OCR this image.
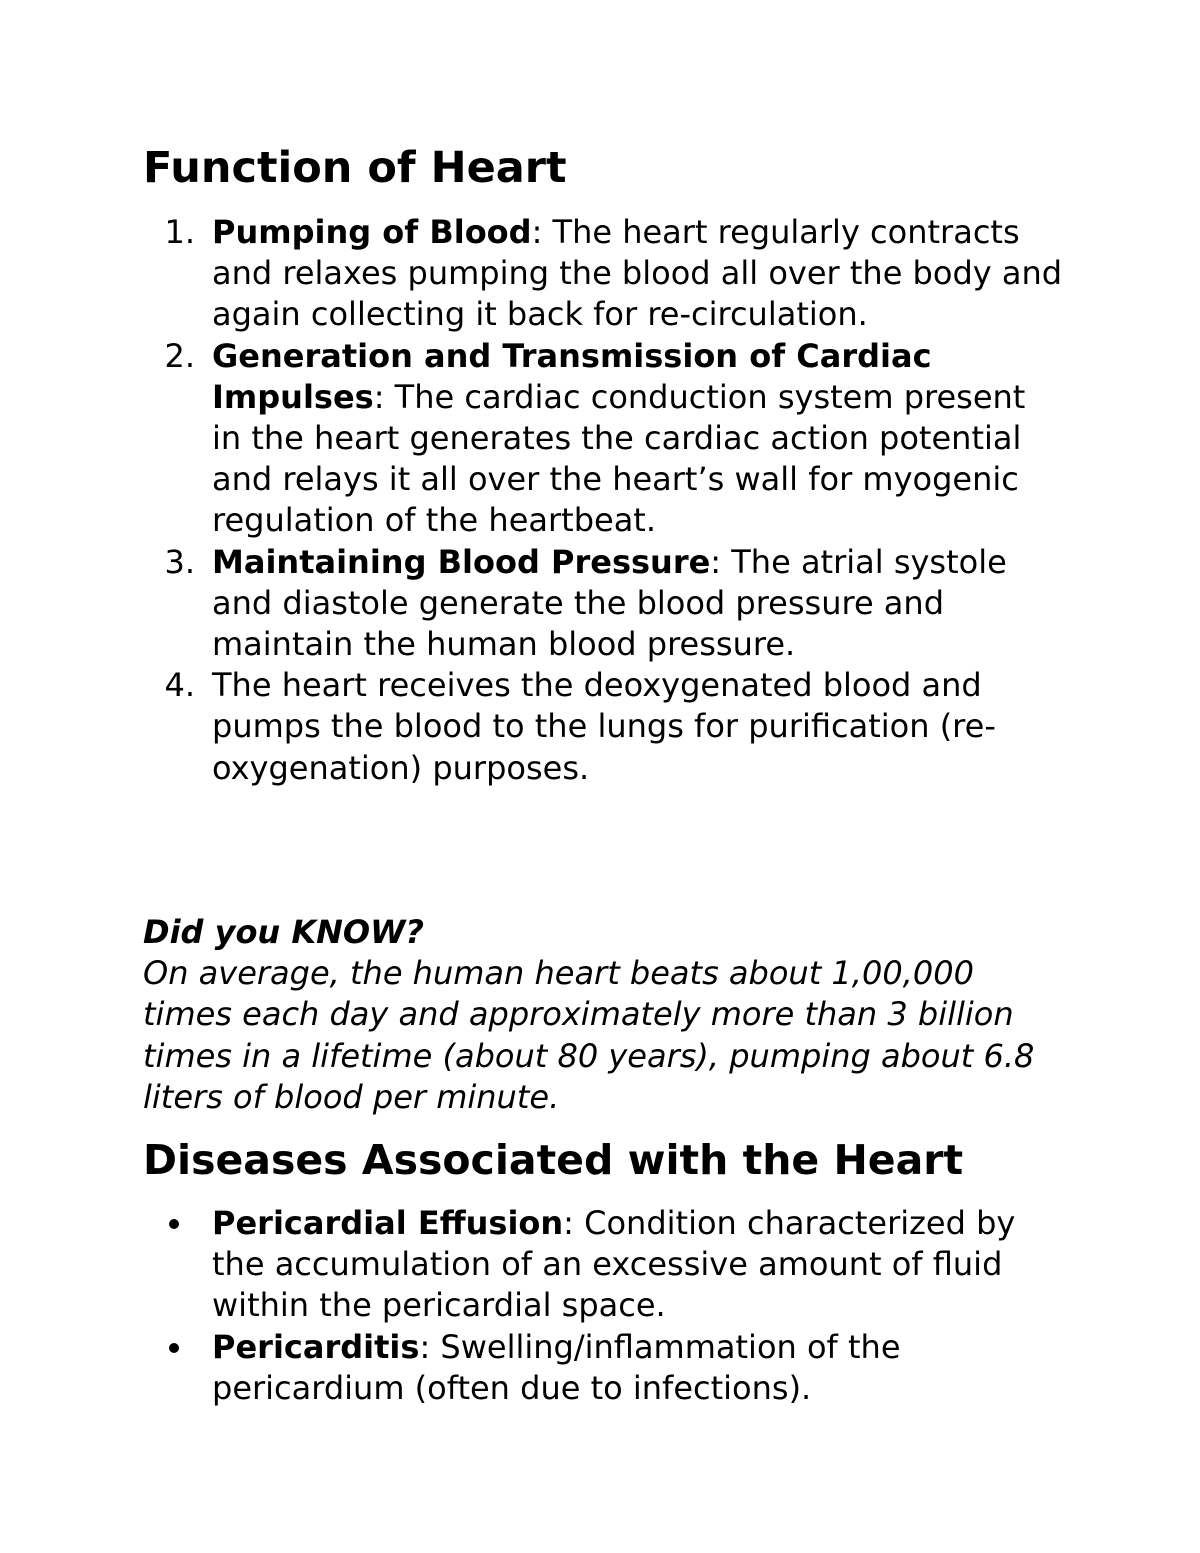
Function of Heart
1. Pumping of Blood: The heart regularly contracts and relaxes pumping the blood all over the body and again collecting it back for re-circulation.
2. Generation and Transmission of Cardiac Impulses: The cardiac conduction system present in the heart generates the cardiac action potential and relays it all over the heart’s wall for myogenic regulation of the heartbeat.
3. Maintaining Blood Pressure: The atrial systole and diastole generate the blood pressure and maintain the human blood pressure.
4. The heart receives the deoxygenated blood and pumps the blood to the lungs for purification (re-oxygenation) purposes.
Did you KNOW?
On average, the human heart beats about 1,00,000 times each day and approximately more than 3 billion times in a lifetime (about 80 years), pumping about 6.8 liters of blood per minute.
Diseases Associated with the Heart
Pericardial Effusion: Condition characterized by the accumulation of an excessive amount of fluid within the pericardial space.
Pericarditis: Swelling/inflammation of the pericardium (often due to infections).
